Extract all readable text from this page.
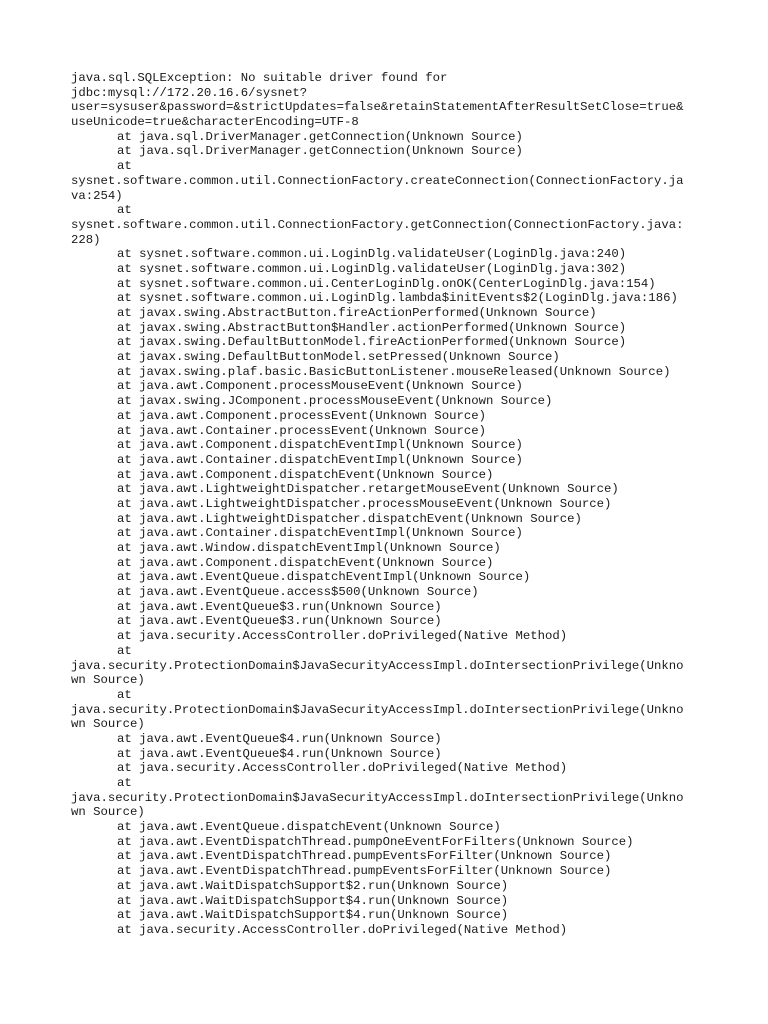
java.sql.SQLException: No suitable driver found for
jdbc:mysql://172.20.16.6/sysnet?
user=sysuser&password=&strictUpdates=false&retainStatementAfterResultSetClose=true&
useUnicode=true&characterEncoding=UTF-8
at java.sql.DriverManager.getConnection(Unknown Source)
at java.sql.DriverManager.getConnection(Unknown Source)
at
sysnet.software.common.util.ConnectionFactory.createConnection(ConnectionFactory.ja
va:254)
at
sysnet.software.common.util.ConnectionFactory.getConnection(ConnectionFactory.java:
228)
at sysnet.software.common.ui.LoginDlg.validateUser(LoginDlg.java:240)
at sysnet.software.common.ui.LoginDlg.validateUser(LoginDlg.java:302)
at sysnet.software.common.ui.CenterLoginDlg.onOK(CenterLoginDlg.java:154)
at sysnet.software.common.ui.LoginDlg.lambda$initEvents$2(LoginDlg.java:186)
at javax.swing.AbstractButton.fireActionPerformed(Unknown Source)
at javax.swing.AbstractButton$Handler.actionPerformed(Unknown Source)
at javax.swing.DefaultButtonModel.fireActionPerformed(Unknown Source)
at javax.swing.DefaultButtonModel.setPressed(Unknown Source)
at javax.swing.plaf.basic.BasicButtonListener.mouseReleased(Unknown Source)
at java.awt.Component.processMouseEvent(Unknown Source)
at javax.swing.JComponent.processMouseEvent(Unknown Source)
at java.awt.Component.processEvent(Unknown Source)
at java.awt.Container.processEvent(Unknown Source)
at java.awt.Component.dispatchEventImpl(Unknown Source)
at java.awt.Container.dispatchEventImpl(Unknown Source)
at java.awt.Component.dispatchEvent(Unknown Source)
at java.awt.LightweightDispatcher.retargetMouseEvent(Unknown Source)
at java.awt.LightweightDispatcher.processMouseEvent(Unknown Source)
at java.awt.LightweightDispatcher.dispatchEvent(Unknown Source)
at java.awt.Container.dispatchEventImpl(Unknown Source)
at java.awt.Window.dispatchEventImpl(Unknown Source)
at java.awt.Component.dispatchEvent(Unknown Source)
at java.awt.EventQueue.dispatchEventImpl(Unknown Source)
at java.awt.EventQueue.access$500(Unknown Source)
at java.awt.EventQueue$3.run(Unknown Source)
at java.awt.EventQueue$3.run(Unknown Source)
at java.security.AccessController.doPrivileged(Native Method)
at
java.security.ProtectionDomain$JavaSecurityAccessImpl.doIntersectionPrivilege(Unkno
wn Source)
at
java.security.ProtectionDomain$JavaSecurityAccessImpl.doIntersectionPrivilege(Unkno
wn Source)
at java.awt.EventQueue$4.run(Unknown Source)
at java.awt.EventQueue$4.run(Unknown Source)
at java.security.AccessController.doPrivileged(Native Method)
at
java.security.ProtectionDomain$JavaSecurityAccessImpl.doIntersectionPrivilege(Unkno
wn Source)
at java.awt.EventQueue.dispatchEvent(Unknown Source)
at java.awt.EventDispatchThread.pumpOneEventForFilters(Unknown Source)
at java.awt.EventDispatchThread.pumpEventsForFilter(Unknown Source)
at java.awt.EventDispatchThread.pumpEventsForFilter(Unknown Source)
at java.awt.WaitDispatchSupport$2.run(Unknown Source)
at java.awt.WaitDispatchSupport$4.run(Unknown Source)
at java.awt.WaitDispatchSupport$4.run(Unknown Source)
at java.security.AccessController.doPrivileged(Native Method)
